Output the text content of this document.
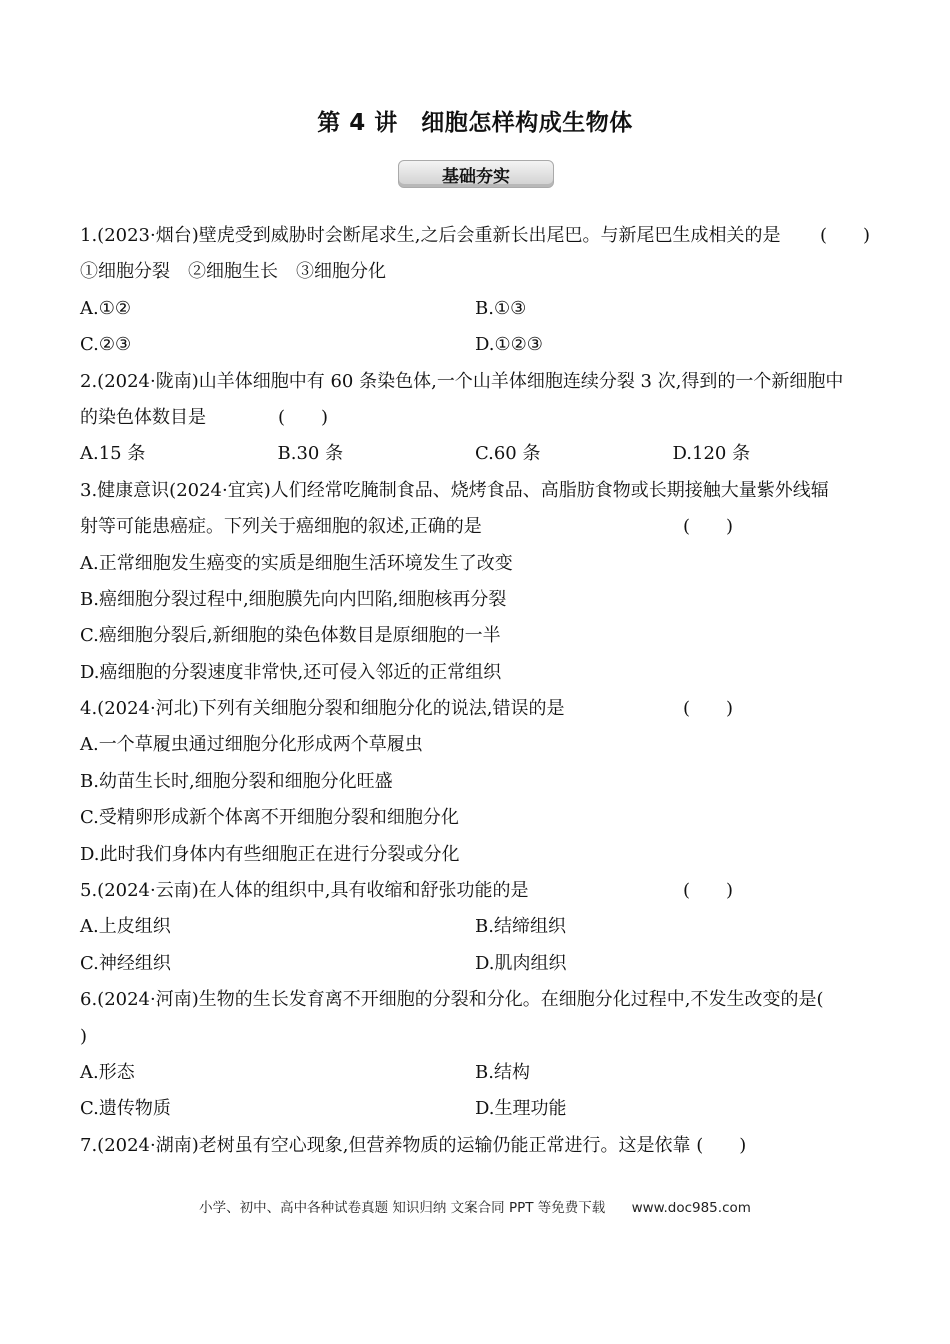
第 4 讲　细胞怎样构成生物体
基础夯实
1.(2023·烟台)壁虎受到威胁时会断尾求生,之后会重新长出尾巴。与新尾巴生成相关的是 (　　)
①细胞分裂　②细胞生长　③细胞分化
A.①②	B.①③
C.②③	D.①②③
2.(2024·陇南)山羊体细胞中有 60 条染色体,一个山羊体细胞连续分裂 3 次,得到的一个新细胞中
的染色体数目是	(　　)
A.15 条	B.30 条	C.60 条	D.120 条
3.健康意识(2024·宜宾)人们经常吃腌制食品、烧烤食品、高脂肪食物或长期接触大量紫外线辐
射等可能患癌症。下列关于癌细胞的叙述,正确的是	(　　)
A.正常细胞发生癌变的实质是细胞生活环境发生了改变
B.癌细胞分裂过程中,细胞膜先向内凹陷,细胞核再分裂
C.癌细胞分裂后,新细胞的染色体数目是原细胞的一半
D.癌细胞的分裂速度非常快,还可侵入邻近的正常组织
4.(2024·河北)下列有关细胞分裂和细胞分化的说法,错误的是	(　　)
A.一个草履虫通过细胞分化形成两个草履虫
B.幼苗生长时,细胞分裂和细胞分化旺盛
C.受精卵形成新个体离不开细胞分裂和细胞分化
D.此时我们身体内有些细胞正在进行分裂或分化
5.(2024·云南)在人体的组织中,具有收缩和舒张功能的是	(　　)
A.上皮组织	B.结缔组织
C.神经组织	D.肌肉组织
6.(2024·河南)生物的生长发育离不开细胞的分裂和分化。在细胞分化过程中,不发生改变的是(
)
A.形态	B.结构
C.遗传物质	D.生理功能
7.(2024·湖南)老树虽有空心现象,但营养物质的运输仍能正常进行。这是依靠 (　　)
小学、初中、高中各种试卷真题 知识归纳 文案合同 PPT 等免费下载 www.doc985.com
